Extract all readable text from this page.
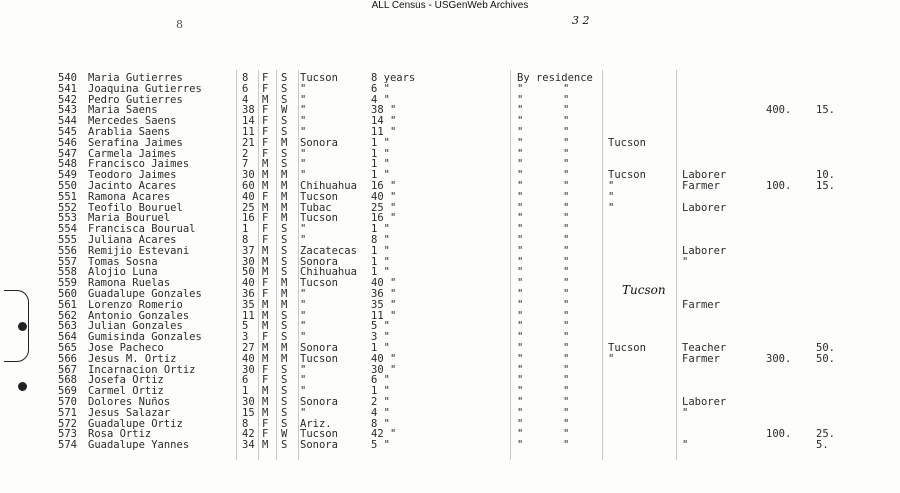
ALL Census - USGenWeb Archives
8	3 2
Tucson
540 Maria Gutierres	8 F S Tucson	8 years	By residence
541 Joaquina Gutierres	6 F S "	6 "	"	"
542 Pedro Gutierres	4 M S "	4 "	"	"
543 Maria Saens	38 F W "	38 "	"	"	400. 15.
544 Mercedes Saens	14 F S "	14 "	"	"
545 Arablia Saens	11 F S "	11 "	"	"
546 Serafina Jaimes	21 F M Sonora	1 "	"	"	Tucson
547 Carmela Jaimes	2 F S "	1 "	"	"
548 Francisco Jaimes	7 M S "	1 "	"	"
549 Teodoro Jaimes	30 M M "	1 "	"	"	Tucson	Laborer	10.
550 Jacinto Acares	60 M M Chihuahua 16 "	"	"	"	Farmer	100. 15.
551 Ramona Acares	40 F M Tucson	40 "	"	"	"
552 Teofilo Bouruel	25 M M Tubac	25 "	"	"	"	Laborer
553 Maria Bouruel	16 F M Tucson	16 "	"	"
554 Francisca Bourual	1 F S "	1 "	"	"
555 Juliana Acares	8 F S "	8 "	"	"
556 Remijio Estevani	37 M S Zacatecas 1 "	"	"	Laborer
557 Tomas Sosna	30 M S Sonora	1 "	"	"	"
558 Alojio Luna	50 M S Chihuahua 1 "	"	"
559 Ramona Ruelas	40 F M Tucson	40 "	"	"
560 Guadalupe Gonzales	36 F M "	36 "	"	"
561 Lorenzo Romerio	35 M M "	35 "	"	"	Farmer
562 Antonio Gonzales	11 M S "	11 "	"	"
563 Julian Gonzales	5 M S "	5 "	"	"
564 Gumisinda Gonzales	3 F S "	3 "	"	"
565 Jose Pacheco	27 M M Sonora	1 "	"	"	Tucson	Teacher	50.
566 Jesus M. Ortiz	40 M M Tucson	40 "	"	"	"	Farmer	300. 50.
567 Incarnacion Ortiz	30 F S "	30 "	"	"
568 Josefa Ortiz	6 F S "	6 "	"	"
569 Carmel Ortiz	1 M S "	1 "	"	"
570 Dolores Nuños	30 M S Sonora	2 "	"	"	Laborer
571 Jesus Salazar	15 M S "	4 "	"	"	"
572 Guadalupe Ortiz	8 F S Ariz.	8 "	"	"
573 Rosa Ortiz	42 F W Tucson	42 "	"	"	100. 25.
574 Guadalupe Yannes	34 M S Sonora	5 "	"	"	"	5.
